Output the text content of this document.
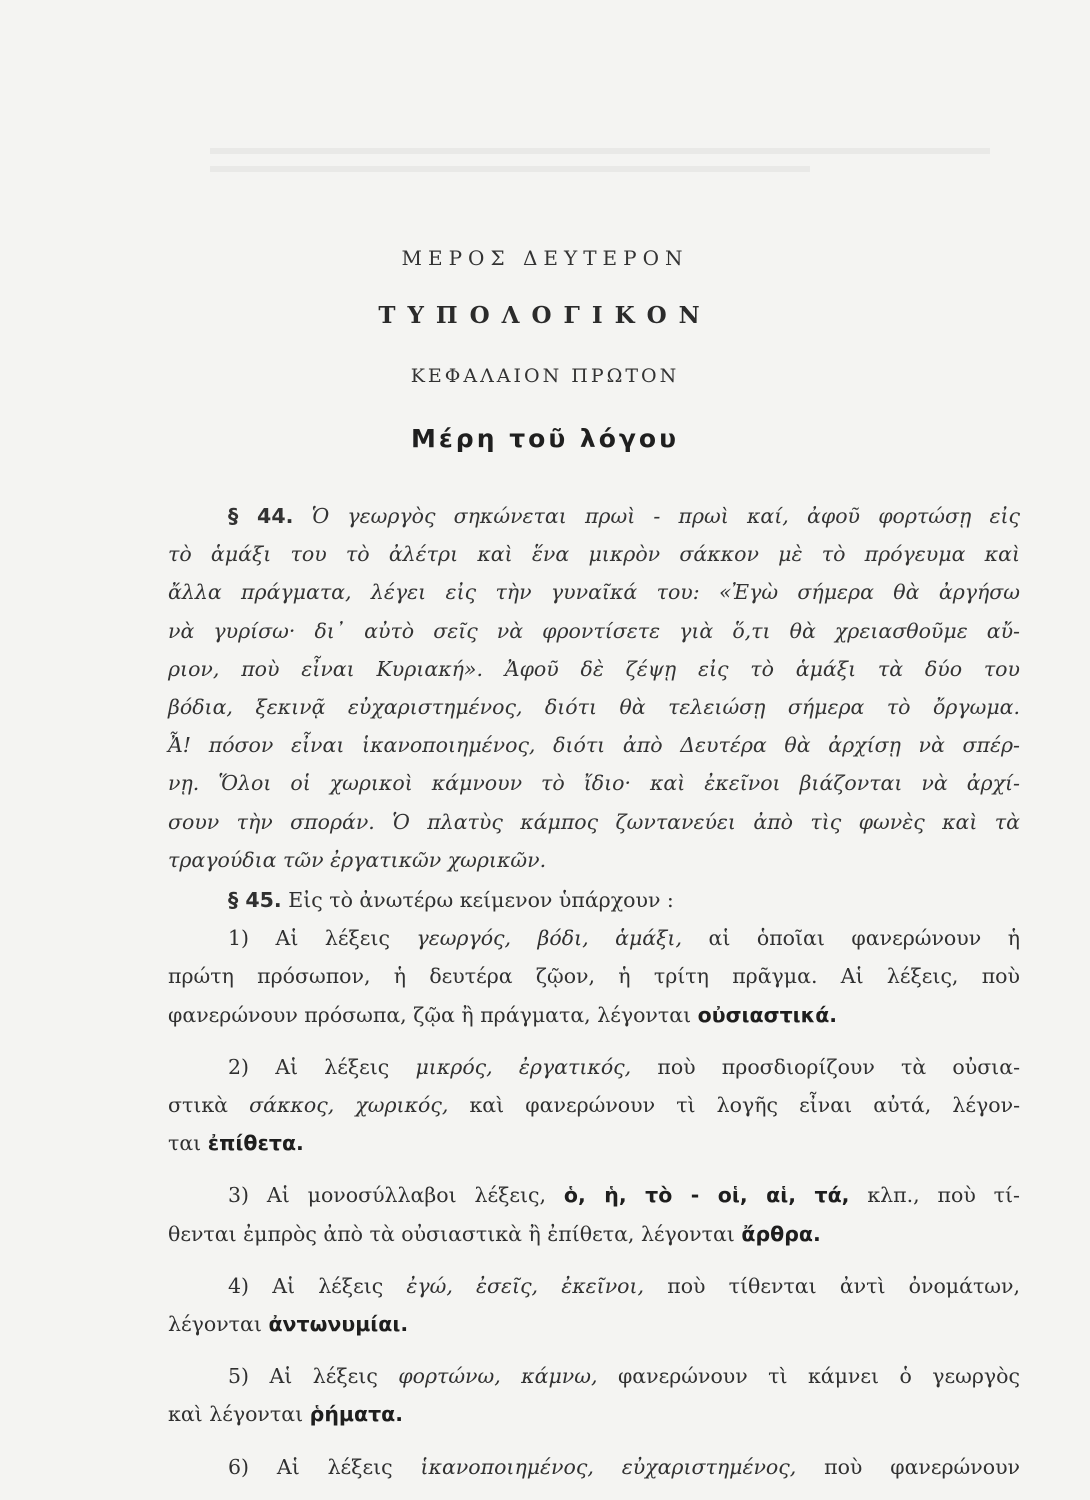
ΜΕΡΟΣ ΔΕΥΤΕΡΟΝ
ΤΥΠΟΛΟΓΙΚΟΝ
ΚΕΦΑΛΑΙΟΝ ΠΡΩΤΟΝ
Μέρη τοῦ λόγου
§ 44. Ὁ γεωργὸς σηκώνεται πρωὶ - πρωὶ καί, ἀφοῦ φορτώσῃ εἰς
τὸ ἁμάξι του τὸ ἀλέτρι καὶ ἕνα μικρὸν σάκκον μὲ τὸ πρόγευμα καὶ
ἄλλα πράγματα, λέγει εἰς τὴν γυναῖκά του: «Ἐγὼ σήμερα θὰ ἀργήσω
νὰ γυρίσω· δι᾽ αὐτὸ σεῖς νὰ φροντίσετε γιὰ ὅ,τι θὰ χρειασθοῦμε αὔ-
ριον, ποὺ εἶναι Κυριακή». Ἀφοῦ δὲ ζέψῃ εἰς τὸ ἁμάξι τὰ δύο του
βόδια, ξεκινᾷ εὐχαριστημένος, διότι θὰ τελειώσῃ σήμερα τὸ ὄργωμα.
Ἆ! πόσον εἶναι ἱκανοποιημένος, διότι ἀπὸ Δευτέρα θὰ ἀρχίσῃ νὰ σπέρ-
νῃ. Ὅλοι οἱ χωρικοὶ κάμνουν τὸ ἴδιο· καὶ ἐκεῖνοι βιάζονται νὰ ἀρχί-
σουν τὴν σποράν. Ὁ πλατὺς κάμπος ζωντανεύει ἀπὸ τὶς φωνὲς καὶ τὰ
τραγούδια τῶν ἐργατικῶν χωρικῶν.
§ 45. Εἰς τὸ ἀνωτέρω κείμενον ὑπάρχουν :
1) Αἱ λέξεις γεωργός, βόδι, ἁμάξι, αἱ ὁποῖαι φανερώνουν ἡ
πρώτη πρόσωπον, ἡ δευτέρα ζῷον, ἡ τρίτη πρᾶγμα. Αἱ λέξεις, ποὺ
φανερώνουν πρόσωπα, ζῷα ἢ πράγματα, λέγονται οὐσιαστικά.
2) Αἱ λέξεις μικρός, ἐργατικός, ποὺ προσδιορίζουν τὰ οὐσια-
στικὰ σάκκος, χωρικός, καὶ φανερώνουν τὶ λογῆς εἶναι αὐτά, λέγον-
ται ἐπίθετα.
3) Αἱ μονοσύλλαβοι λέξεις, ὁ, ἡ, τὸ - οἱ, αἱ, τά, κλπ., ποὺ τί-
θενται ἐμπρὸς ἀπὸ τὰ οὐσιαστικὰ ἢ ἐπίθετα, λέγονται ἄρθρα.
4) Αἱ λέξεις ἐγώ, ἐσεῖς, ἐκεῖνοι, ποὺ τίθενται ἀντὶ ὀνομάτων,
λέγονται ἀντωνυμίαι.
5) Αἱ λέξεις φορτώνω, κάμνω, φανερώνουν τὶ κάμνει ὁ γεωργὸς
καὶ λέγονται ῥήματα.
6) Αἱ λέξεις ἱκανοποιημένος, εὐχαριστημένος, ποὺ φανερώνουν
